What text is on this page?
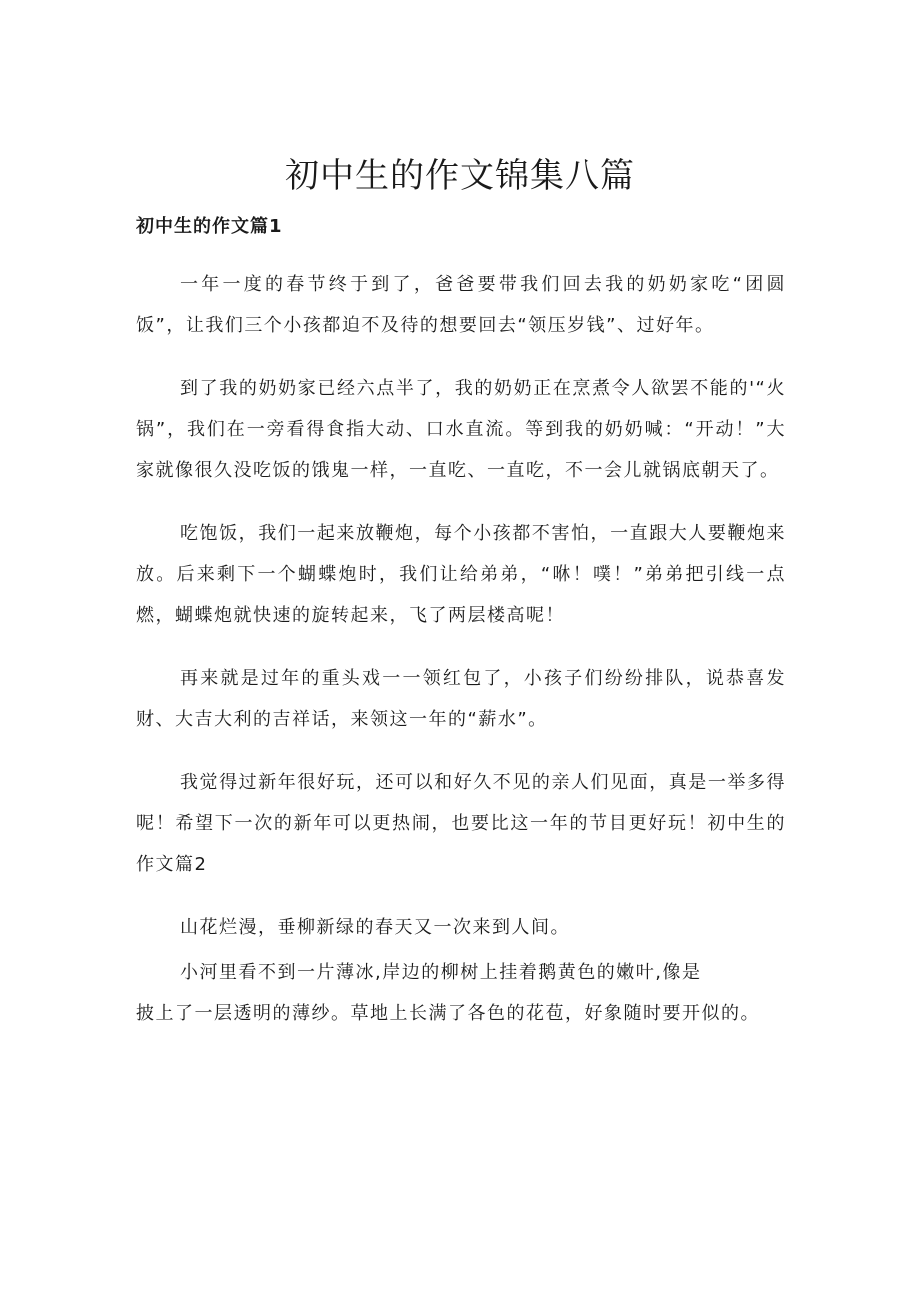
初中生的作文锦集八篇
初中生的作文篇1

一年一度的春节终于到了，爸爸要带我们回去我的奶奶家吃“团圆饭”，让我们三个小孩都迫不及待的想要回去“领压岁钱”、过好年。

到了我的奶奶家已经六点半了，我的奶奶正在烹煮令人欲罢不能的'“火锅”，我们在一旁看得食指大动、口水直流。等到我的奶奶喊：“开动！”大家就像很久没吃饭的饿鬼一样，一直吃、一直吃，不一会儿就锅底朝天了。

吃饱饭，我们一起来放鞭炮，每个小孩都不害怕，一直跟大人要鞭炮来放。后来剩下一个蝴蝶炮时，我们让给弟弟，“咻！噗！”弟弟把引线一点燃，蝴蝶炮就快速的旋转起来，飞了两层楼高呢！

再来就是过年的重头戏一一领红包了，小孩子们纷纷排队，说恭喜发财、大吉大利的吉祥话，来领这一年的“薪水”。

我觉得过新年很好玩，还可以和好久不见的亲人们见面，真是一举多得呢！希望下一次的新年可以更热闹，也要比这一年的节目更好玩！初中生的作文篇2

山花烂漫，垂柳新绿的春天又一次来到人间。

小河里看不到一片薄冰,岸边的柳树上挂着鹅黄色的嫩叶,像是

披上了一层透明的薄纱。草地上长满了各色的花苞，好象随时要开似的。
